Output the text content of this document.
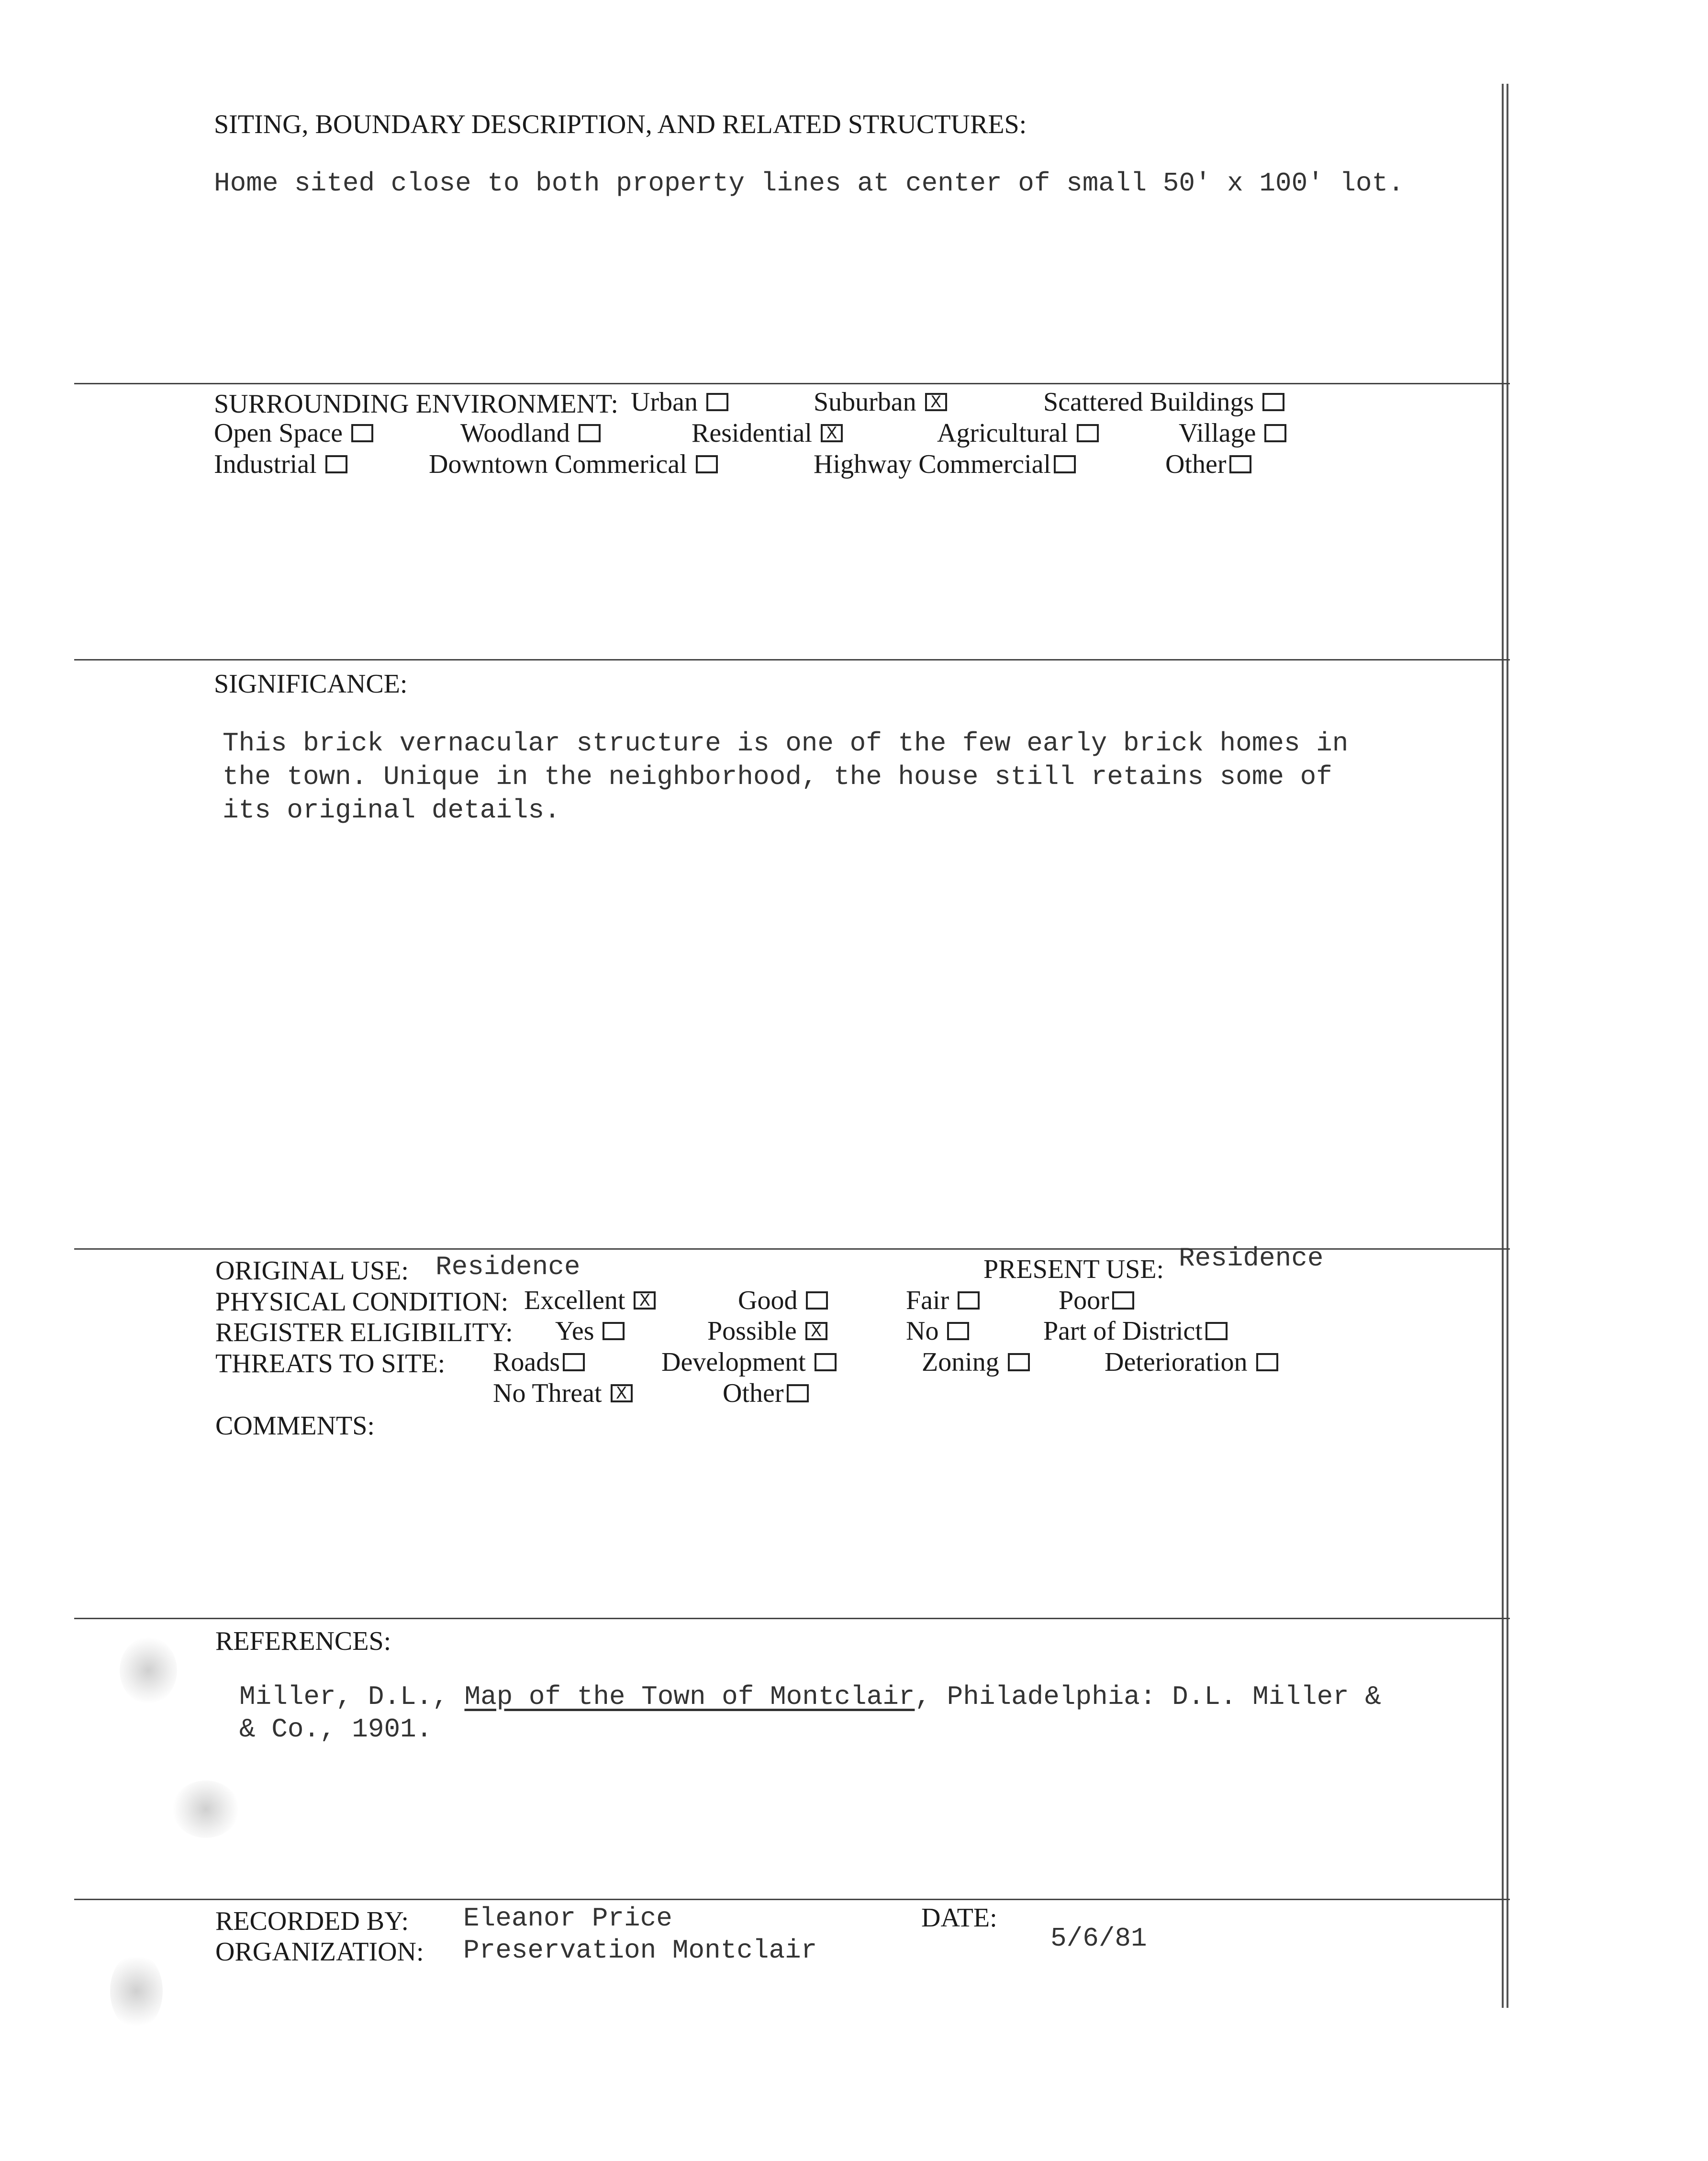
SITING, BOUNDARY DESCRIPTION, AND RELATED STRUCTURES:
Home sited close to both property lines at center of small 50' x 100' lot.
SURROUNDING ENVIRONMENT: Urban	Suburban X	Scattered Buildings
Open Space	Woodland	Residential X	Agricultural	Village
Industrial	Downtown Commerical	Highway Commercial	Other
SIGNIFICANCE:
This brick vernacular structure is one of the few early brick homes in
the town. Unique in the neighborhood, the house still retains some of
its original details.
ORIGINAL USE: Residence	PRESENT USE: Residence
PHYSICAL CONDITION: Excellent X	Good	Fair	Poor
REGISTER ELIGIBILITY: Yes	Possible X	No	Part of District
THREATS TO SITE: Roads	Development	Zoning	Deterioration
No Threat X	Other
COMMENTS:
REFERENCES:
Miller, D.L., Map of the Town of Montclair, Philadelphia: D.L. Miller &
& Co., 1901.
RECORDED BY: Eleanor Price
ORGANIZATION: Preservation Montclair
DATE:
5/6/81
